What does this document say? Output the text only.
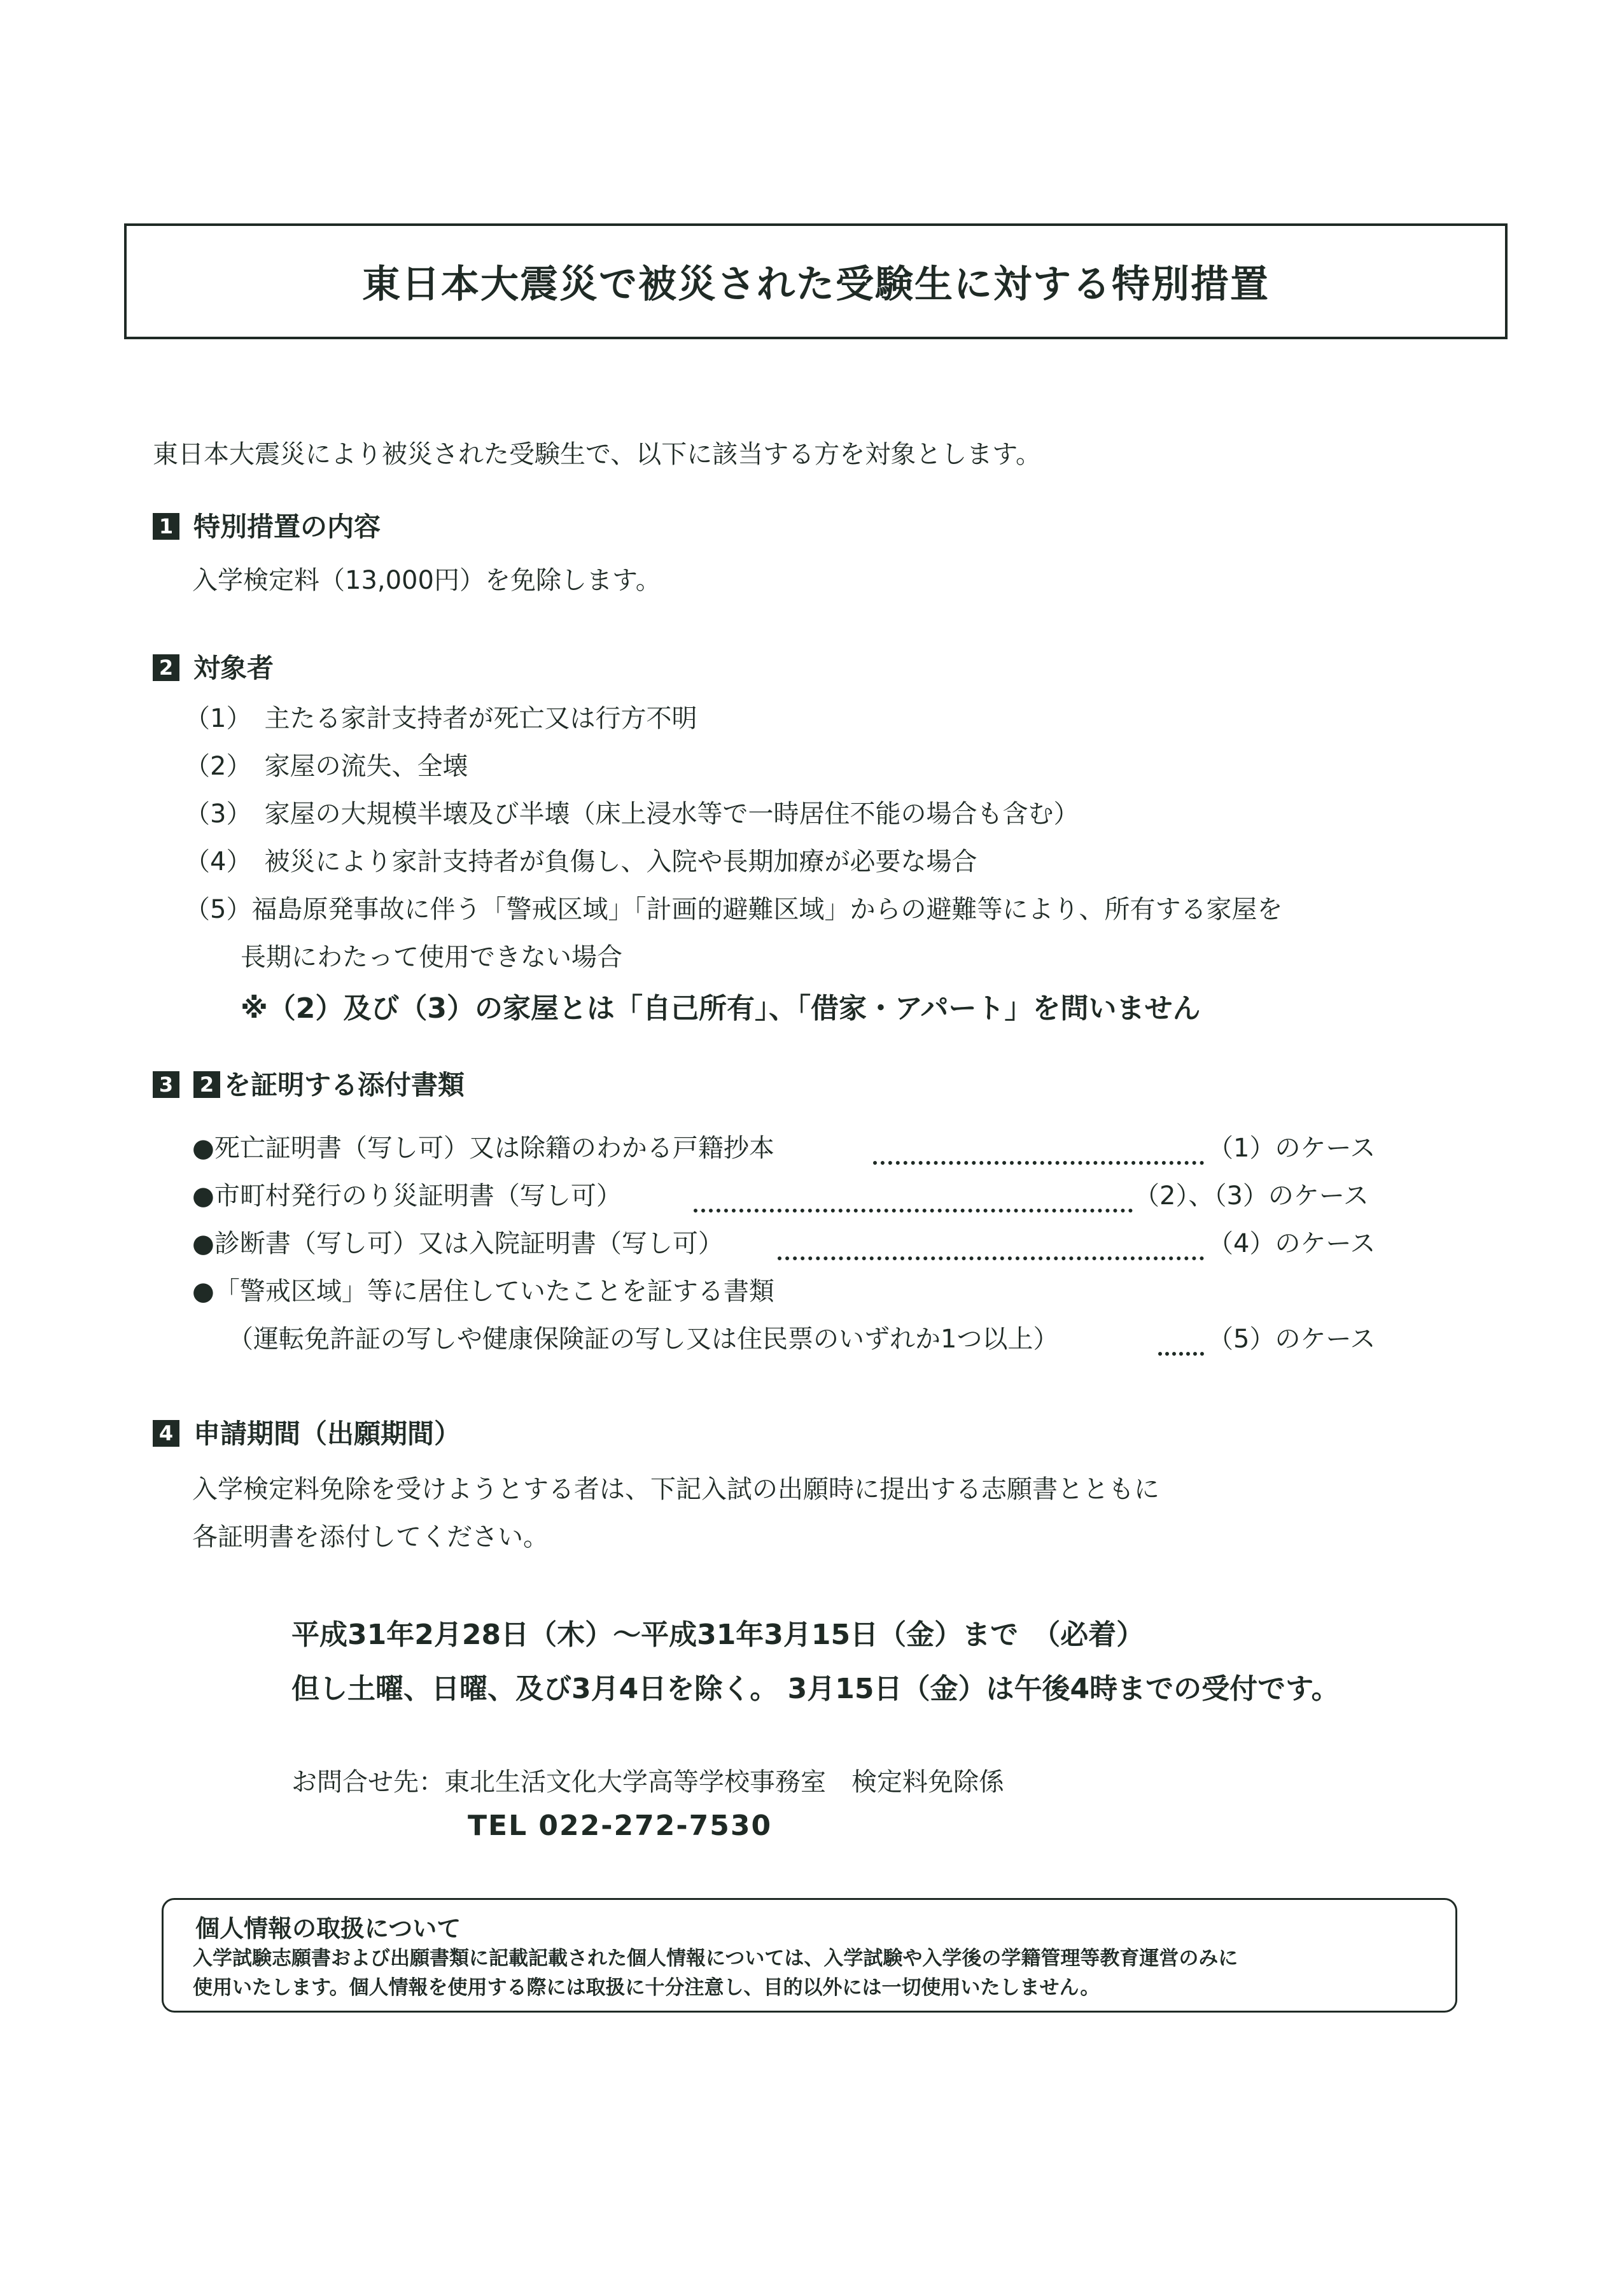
東日本大震災で被災された受験生に対する特別措置
東日本大震災により被災された受験生で、以下に該当する方を対象とします。
1 特別措置の内容
入学検定料（13,000円）を免除します。
2 対象者
（1）　主たる家計支持者が死亡又は行方不明
（2）　家屋の流失、全壊
（3）　家屋の大規模半壊及び半壊（床上浸水等で一時居住不能の場合も含む）
（4）　被災により家計支持者が負傷し、入院や長期加療が必要な場合
（5）福島原発事故に伴う「警戒区域」「計画的避難区域」からの避難等により、所有する家屋を
長期にわたって使用できない場合
※（2）及び（3）の家屋とは「自己所有」、「借家・アパート」を問いません
3 2 を証明する添付書類
●死亡証明書（写し可）又は除籍のわかる戸籍抄本	（1）のケース
●市町村発行のり災証明書（写し可）	（2）、（3）のケース
●診断書（写し可）又は入院証明書（写し可）	（4）のケース
●「警戒区域」等に居住していたことを証する書類
（運転免許証の写しや健康保険証の写し又は住民票のいずれか1つ以上）	（5）のケース
4 申請期間（出願期間）
入学検定料免除を受けようとする者は、下記入試の出願時に提出する志願書とともに
各証明書を添付してください。
平成31年2月28日（木）～平成31年3月15日（金）まで　（必着）
但し土曜、日曜、及び3月4日を除く。 3月15日（金）は午後4時までの受付です。
お問合せ先：東北生活文化大学高等学校事務室　検定料免除係
TEL 022-272-7530
個人情報の取扱について
入学試験志願書および出願書類に記載記載された個人情報については、入学試験や入学後の学籍管理等教育運営のみに
使用いたします。個人情報を使用する際には取扱に十分注意し、目的以外には一切使用いたしません。
